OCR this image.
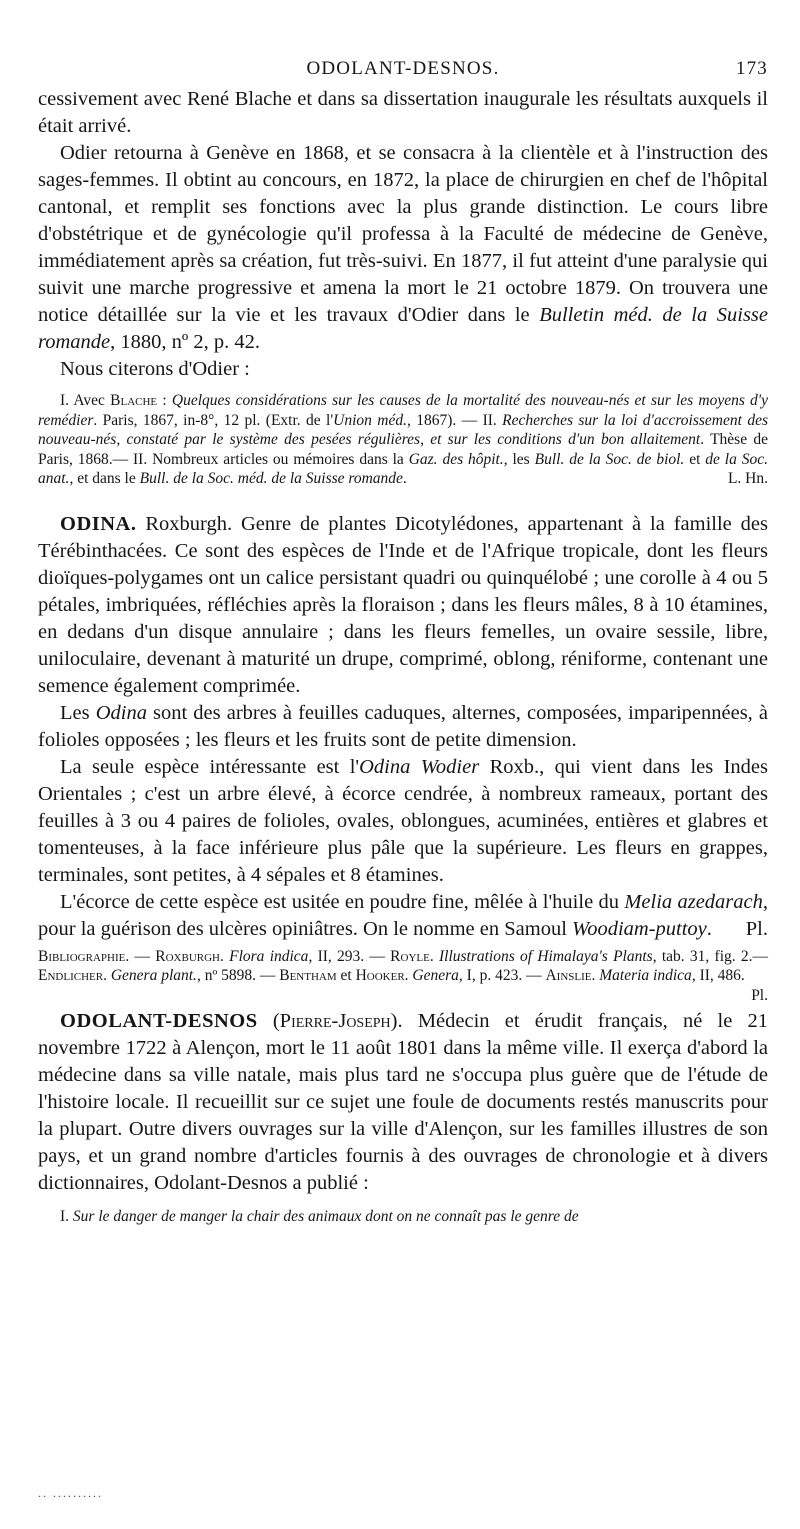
ODOLANT-DESNOS.	173

cessivement avec René Blache et dans sa dissertation inaugurale les résultats auxquels il était arrivé.

Odier retourna à Genève en 1868, et se consacra à la clientèle et à l'instruction des sages-femmes. Il obtint au concours, en 1872, la place de chirurgien en chef de l'hôpital cantonal, et remplit ses fonctions avec la plus grande distinction. Le cours libre d'obstétrique et de gynécologie qu'il professa à la Faculté de médecine de Genève, immédiatement après sa création, fut très-suivi. En 1877, il fut atteint d'une paralysie qui suivit une marche progressive et amena la mort le 21 octobre 1879. On trouvera une notice détaillée sur la vie et les travaux d'Odier dans le Bulletin méd. de la Suisse romande, 1880, nº 2, p. 42.

Nous citerons d'Odier :

I. Avec Blache : Quelques considérations sur les causes de la mortalité des nouveau-nés et sur les moyens d'y remédier. Paris, 1867, in-8°, 12 pl. (Extr. de l'Union méd., 1867). — II. Recherches sur la loi d'accroissement des nouveau-nés, constaté par le système des pesées régulières, et sur les conditions d'un bon allaitement. Thèse de Paris, 1868.— II. Nombreux articles ou mémoires dans la Gaz. des hôpit., les Bull. de la Soc. de biol. et de la Soc. anat., et dans le Bull. de la Soc. méd. de la Suisse romande.	L. Hn.

ODINA. Roxburgh. Genre de plantes Dicotylédones, appartenant à la famille des Térébinthacées. Ce sont des espèces de l'Inde et de l'Afrique tropicale, dont les fleurs dioïques-polygames ont un calice persistant quadri ou quinquélobé ; une corolle à 4 ou 5 pétales, imbriquées, réfléchies après la floraison ; dans les fleurs mâles, 8 à 10 étamines, en dedans d'un disque annulaire ; dans les fleurs femelles, un ovaire sessile, libre, uniloculaire, devenant à maturité un drupe, comprimé, oblong, réniforme, contenant une semence également comprimée.

Les Odina sont des arbres à feuilles caduques, alternes, composées, imparipennées, à folioles opposées ; les fleurs et les fruits sont de petite dimension.

La seule espèce intéressante est l'Odina Wodier Roxb., qui vient dans les Indes Orientales ; c'est un arbre élevé, à écorce cendrée, à nombreux rameaux, portant des feuilles à 3 ou 4 paires de folioles, ovales, oblongues, acuminées, entières et glabres et tomenteuses, à la face inférieure plus pâle que la supérieure. Les fleurs en grappes, terminales, sont petites, à 4 sépales et 8 étamines.

L'écorce de cette espèce est usitée en poudre fine, mêlée à l'huile du Melia azedarach, pour la guérison des ulcères opiniâtres. On le nomme en Samoul Woodiam-puttoy.	Pl.

Bibliographie. — Roxburgh. Flora indica, II, 293. — Royle. Illustrations of Himalaya's Plants, tab. 31, fig. 2.— Endlicher. Genera plant., nº 5898. — Bentham et Hooker. Genera, I, p. 423. — Ainslie. Materia indica, II, 486.
Pl.

ODOLANT-DESNOS (Pierre-Joseph). Médecin et érudit français, né le 21 novembre 1722 à Alençon, mort le 11 août 1801 dans la même ville. Il exerça d'abord la médecine dans sa ville natale, mais plus tard ne s'occupa plus guère que de l'étude de l'histoire locale. Il recueillit sur ce sujet une foule de documents restés manuscrits pour la plupart. Outre divers ouvrages sur la ville d'Alençon, sur les familles illustres de son pays, et un grand nombre d'articles fournis à des ouvrages de chronologie et à divers dictionnaires, Odolant-Desnos a publié :

I. Sur le danger de manger la chair des animaux dont on ne connaît pas le genre de

.. ..........
